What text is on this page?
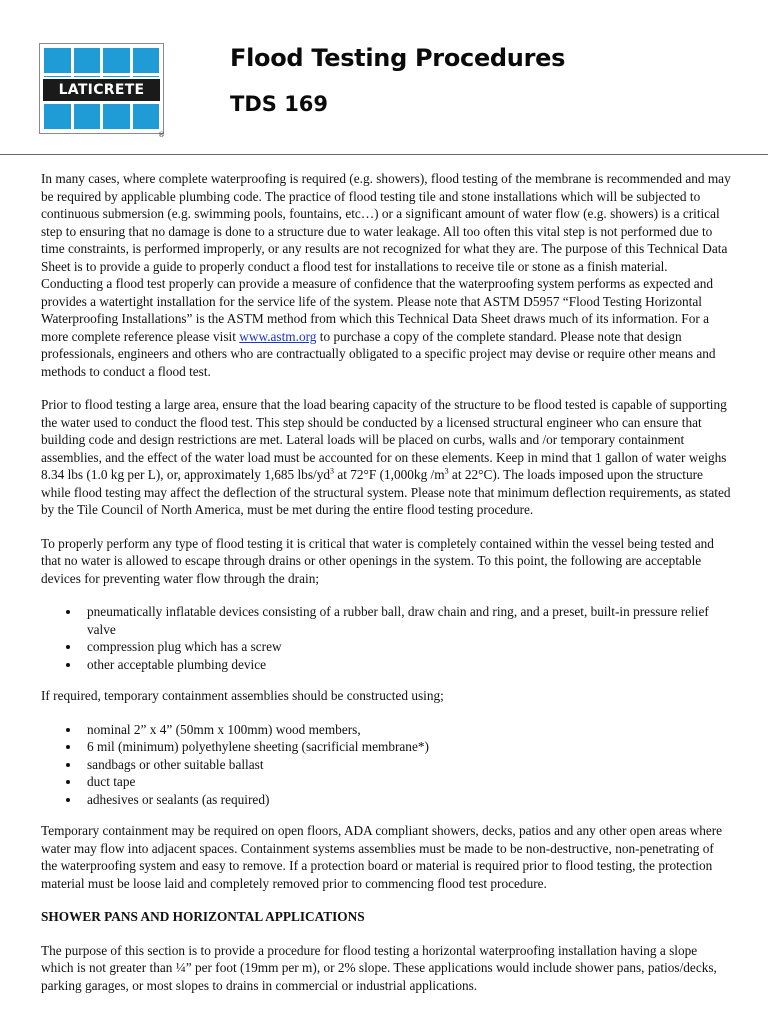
LATICRETE
®
Flood Testing Procedures
TDS 169

In many cases, where complete waterproofing is required (e.g. showers), flood testing of the membrane is recommended and may be required by applicable plumbing code. The practice of flood testing tile and stone installations which will be subjected to continuous submersion (e.g. swimming pools, fountains, etc…) or a significant amount of water flow (e.g. showers) is a critical step to ensuring that no damage is done to a structure due to water leakage. All too often this vital step is not performed due to time constraints, is performed improperly, or any results are not recognized for what they are. The purpose of this Technical Data Sheet is to provide a guide to properly conduct a flood test for installations to receive tile or stone as a finish material. Conducting a flood test properly can provide a measure of confidence that the waterproofing system performs as expected and provides a watertight installation for the service life of the system. Please note that ASTM D5957 “Flood Testing Horizontal Waterproofing Installations” is the ASTM method from which this Technical Data Sheet draws much of its information. For a more complete reference please visit www.astm.org to purchase a copy of the complete standard. Please note that design professionals, engineers and others who are contractually obligated to a specific project may devise or require other means and methods to conduct a flood test.

Prior to flood testing a large area, ensure that the load bearing capacity of the structure to be flood tested is capable of supporting the water used to conduct the flood test. This step should be conducted by a licensed structural engineer who can ensure that building code and design restrictions are met. Lateral loads will be placed on curbs, walls and /or temporary containment assemblies, and the effect of the water load must be accounted for on these elements. Keep in mind that 1 gallon of water weighs 8.34 lbs (1.0 kg per L), or, approximately 1,685 lbs/$yd^3$ at 72°F (1,000kg $/m^3$ at 22°C). The loads imposed upon the structure while flood testing may affect the deflection of the structural system. Please note that minimum deflection requirements, as stated by the Tile Council of North America, must be met during the entire flood testing procedure.

To properly perform any type of flood testing it is critical that water is completely contained within the vessel being tested and that no water is allowed to escape through drains or other openings in the system. To this point, the following are acceptable devices for preventing water flow through the drain;

• pneumatically inflatable devices consisting of a rubber ball, draw chain and ring, and a preset, built-in pressure relief valve
• compression plug which has a screw
• other acceptable plumbing device

If required, temporary containment assemblies should be constructed using;

• nominal 2” x 4” (50mm x 100mm) wood members,
• 6 mil (minimum) polyethylene sheeting (sacrificial membrane*)
• sandbags or other suitable ballast
• duct tape
• adhesives or sealants (as required)

Temporary containment may be required on open floors, ADA compliant showers, decks, patios and any other open areas where water may flow into adjacent spaces. Containment systems assemblies must be made to be non-destructive, non-penetrating of the waterproofing system and easy to remove. If a protection board or material is required prior to flood testing, the protection material must be loose laid and completely removed prior to commencing flood test procedure.

SHOWER PANS AND HORIZONTAL APPLICATIONS

The purpose of this section is to provide a procedure for flood testing a horizontal waterproofing installation having a slope which is not greater than ¼” per foot (19mm per m), or 2% slope. These applications would include shower pans, patios/decks, parking garages, or most slopes to drains in commercial or industrial applications.
